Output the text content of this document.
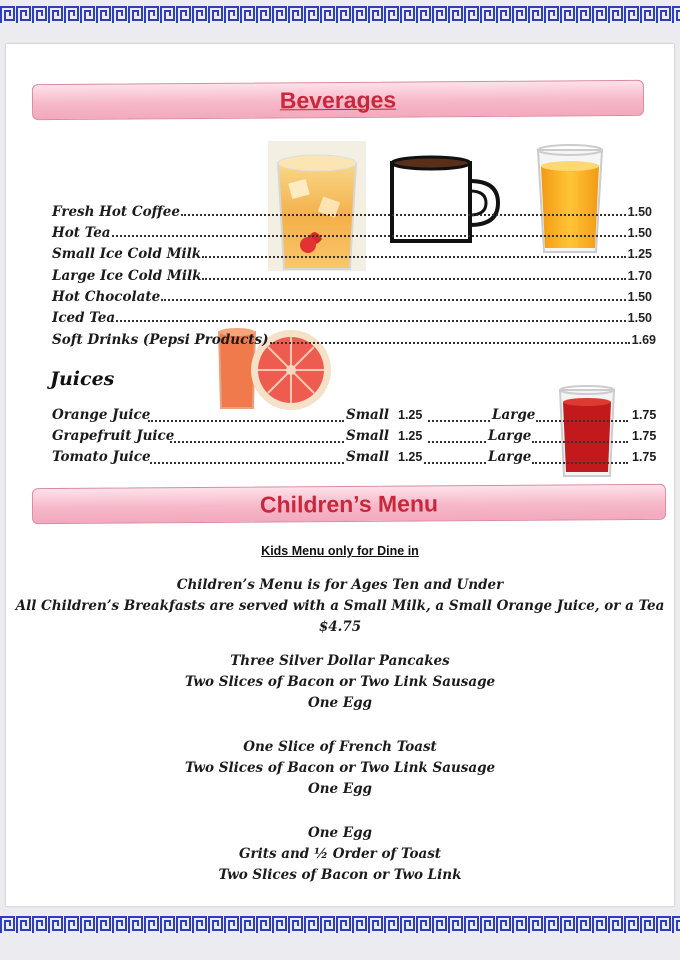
Beverages
Fresh Hot Coffee	1.50
Hot Tea	1.50
Small Ice Cold Milk	1.25
Large Ice Cold Milk	1.70
Hot Chocolate	1.50
Iced Tea	1.50
Soft Drinks (Pepsi Products)	1.69
Juices
Orange Juice	Small 1.25	Large	1.75
Grapefruit Juice	Small 1.25	Large	1.75
Tomato Juice	Small 1.25	Large	1.75
Children’s Menu
Kids Menu only for Dine in
Children’s Menu is for Ages Ten and Under
All Children’s Breakfasts are served with a Small Milk, a Small Orange Juice, or a Tea
$4.75
Three Silver Dollar Pancakes
Two Slices of Bacon or Two Link Sausage
One Egg
One Slice of French Toast
Two Slices of Bacon or Two Link Sausage
One Egg
One Egg
Grits and ½ Order of Toast
Two Slices of Bacon or Two Link
